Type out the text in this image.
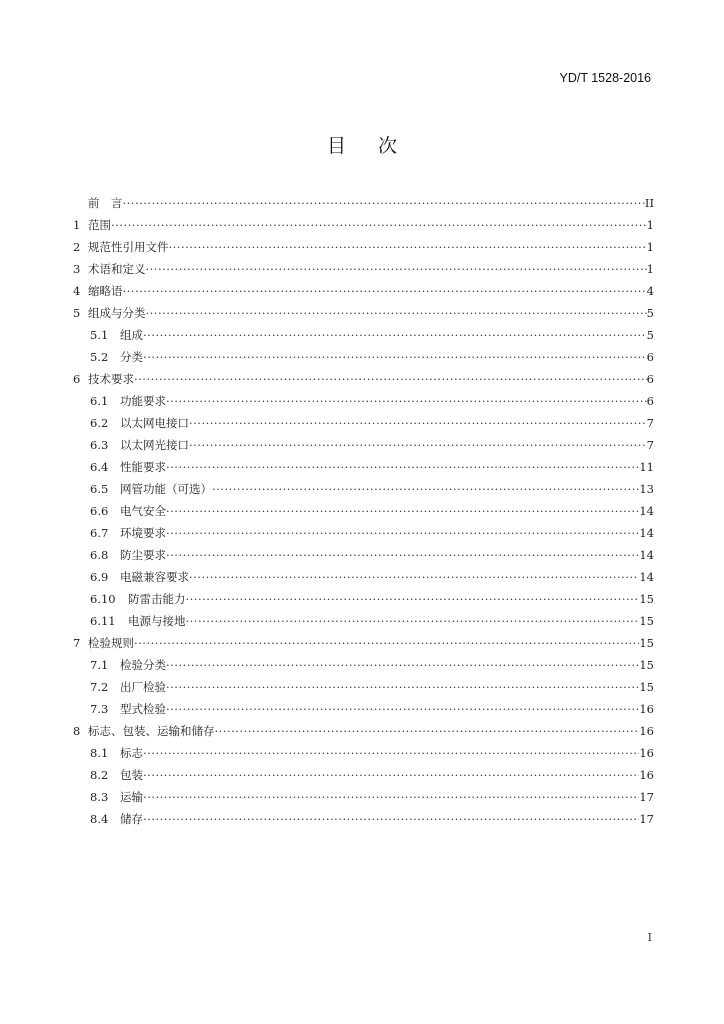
YD/T 1528-2016
目次
前　言 ·····	II
1 范围 ·····	1
2 规范性引用文件 ·····	1
3 术语和定义 ·····	1
4 缩略语 ·····	4
5 组成与分类 ·····	5
5.1	组成 ·····	5
5.2	分类 ·····	6
6 技术要求 ·····	6
6.1	功能要求 ·····	6
6.2	以太网电接口 ·····	7
6.3	以太网光接口 ·····	7
6.4	性能要求 ·····	11
6.5	网管功能（可选） ·····	13
6.6	电气安全 ·····	14
6.7	环境要求 ·····	14
6.8	防尘要求 ·····	14
6.9	电磁兼容要求 ·····	14
6.10	防雷击能力 ·····	15
6.11	电源与接地 ·····	15
7 检验规则 ·····	15
7.1	检验分类 ·····	15
7.2	出厂检验 ·····	15
7.3	型式检验 ·····	16
8 标志、包装、运输和储存 ·····	16
8.1	标志 ·····	16
8.2	包装 ·····	16
8.3	运输 ·····	17
8.4	储存 ·····	17
I
